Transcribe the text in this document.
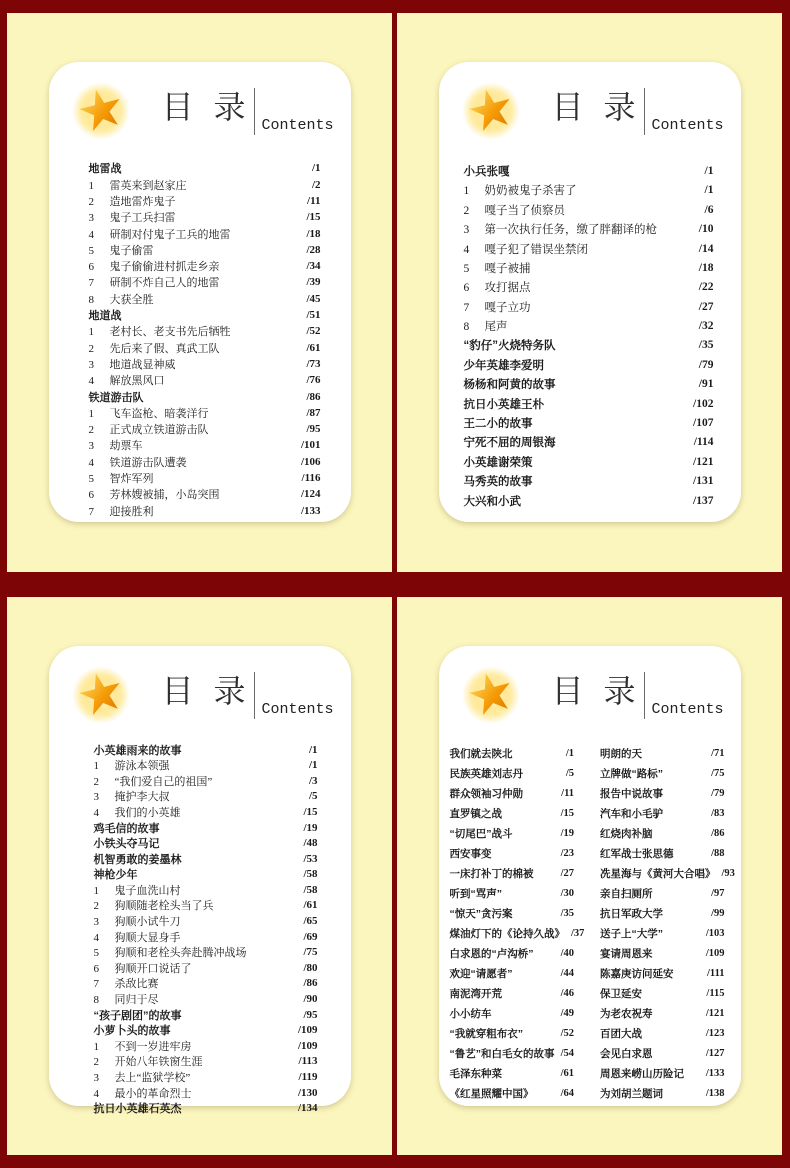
目 录
Contents
地雷战	/1
1 雷英来到赵家庄	/2
2 造地雷炸鬼子	/11
3 鬼子工兵扫雷	/15
4 研制对付鬼子工兵的地雷	/18
5 鬼子偷雷	/28
6 鬼子偷偷进村抓走乡亲	/34
7 研制不炸自己人的地雷	/39
8 大获全胜	/45
地道战	/51
1 老村长、老支书先后牺牲	/52
2 先后来了假、真武工队	/61
3 地道战显神威	/73
4 解放黑风口	/76
铁道游击队	/86
1 飞车盗枪、暗袭洋行	/87
2 正式成立铁道游击队	/95
3 劫票车	/101
4 铁道游击队遭袭	/106
5 智炸军列	/116
6 芳林嫂被捕，小岛突围	/124
7 迎接胜利	/133
目 录
Contents
小兵张嘎	/1
1 奶奶被鬼子杀害了	/1
2 嘎子当了侦察员	/6
3 第一次执行任务，缴了胖翻译的枪	/10
4 嘎子犯了错误坐禁闭	/14
5 嘎子被捕	/18
6 攻打据点	/22
7 嘎子立功	/27
8 尾声	/32
“豹仔”火烧特务队	/35
少年英雄李爱明	/79
杨杨和阿黄的故事	/91
抗日小英雄王朴	/102
王二小的故事	/107
宁死不屈的周银海	/114
小英雄谢荣策	/121
马秀英的故事	/131
大兴和小武	/137
目 录
Contents
小英雄雨来的故事	/1
1 游泳本领强	/1
2 “我们爱自己的祖国”	/3
3 掩护李大叔	/5
4 我们的小英雄	/15
鸡毛信的故事	/19
小铁头夺马记	/48
机智勇敢的姜墨林	/53
神枪少年	/58
1 鬼子血洗山村	/58
2 狗顺随老栓头当了兵	/61
3 狗顺小试牛刀	/65
4 狗顺大显身手	/69
5 狗顺和老栓头奔赴腾冲战场	/75
6 狗顺开口说话了	/80
7 杀敌比赛	/86
8 同归于尽	/90
“孩子剧团”的故事	/95
小萝卜头的故事	/109
1 不到一岁进牢房	/109
2 开始八年铁窗生涯	/113
3 去上“监狱学校”	/119
4 最小的革命烈士	/130
抗日小英雄石英杰	/134
目 录
Contents
我们就去陕北	/1
民族英雄刘志丹	/5
群众领袖习仲勋	/11
直罗镇之战	/15
“切尾巴”战斗	/19
西安事变	/23
一床打补丁的棉被	/27
听到“骂声”	/30
“惊天”贪污案	/35
煤油灯下的《论持久战》 /37
白求恩的“卢沟桥”	/40
欢迎“请愿者”	/44
南泥湾开荒	/46
小小纺车	/49
“我就穿粗布衣”	/52
“鲁艺”和白毛女的故事 /54
毛泽东种菜	/61
《红星照耀中国》	/64
明朗的天	/71
立牌做“路标”	/75
报告中说故事	/79
汽车和小毛驴	/83
红烧肉补脑	/86
红军战士张思德	/88
冼星海与《黄河大合唱》 /93
亲自扫厕所	/97
抗日军政大学	/99
送子上“大学”	/103
宴请周恩来	/109
陈嘉庚访问延安	/111
保卫延安	/115
为老农祝寿	/121
百团大战	/123
会见白求恩	/127
周恩来崂山历险记	/133
为刘胡兰题词	/138
